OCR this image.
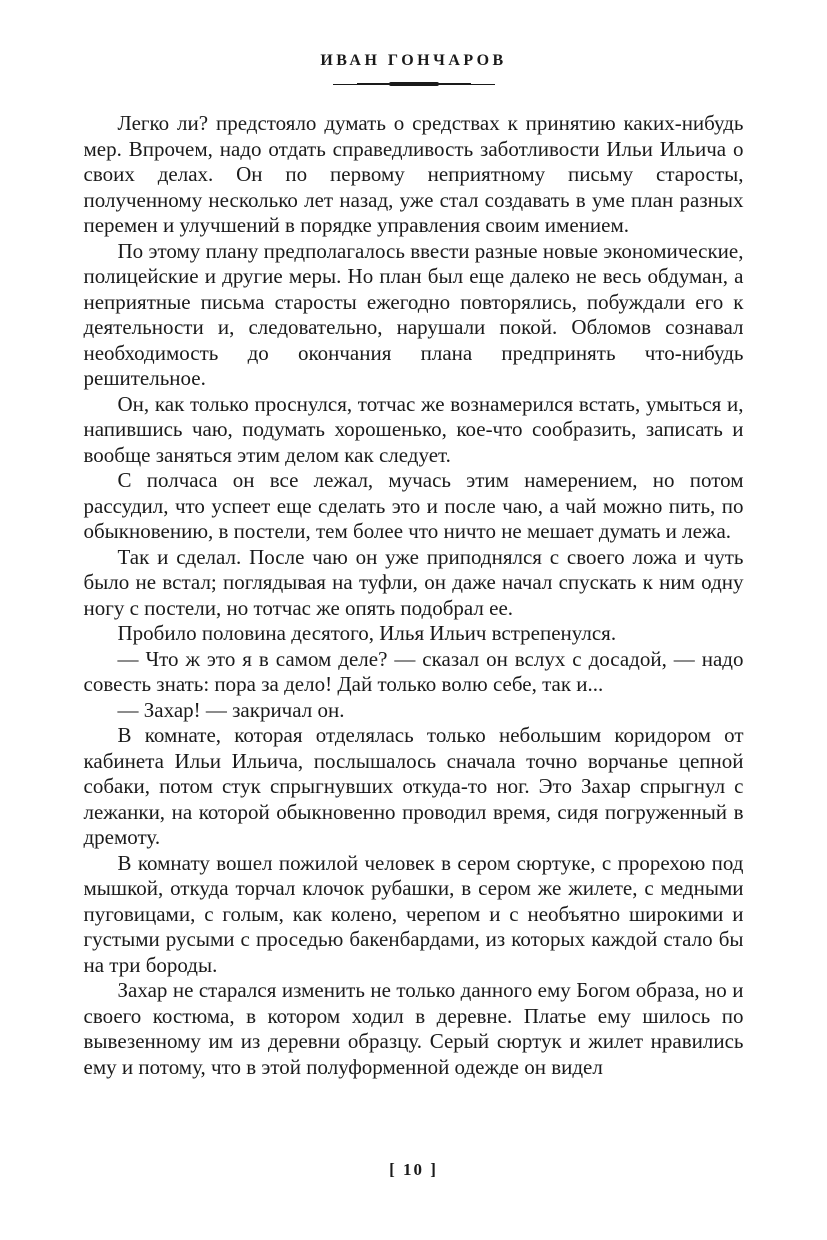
ИВАН ГОНЧАРОВ

Легко ли? предстояло думать о средствах к принятию каких-нибудь мер. Впрочем, надо отдать справедливость заботливости Ильи Ильича о своих делах. Он по первому неприятному письму старосты, полученному несколько лет назад, уже стал создавать в уме план разных перемен и улучшений в порядке управления своим имением.

По этому плану предполагалось ввести разные новые экономические, полицейские и другие меры. Но план был еще далеко не весь обдуман, а неприятные письма старосты ежегодно повторялись, побуждали его к деятельности и, следовательно, нарушали покой. Обломов сознавал необходимость до окончания плана предпринять что-нибудь решительное.

Он, как только проснулся, тотчас же вознамерился встать, умыться и, напившись чаю, подумать хорошенько, кое-что сообразить, записать и вообще заняться этим делом как следует.

С полчаса он все лежал, мучась этим намерением, но потом рассудил, что успеет еще сделать это и после чаю, а чай можно пить, по обыкновению, в постели, тем более что ничто не мешает думать и лежа.

Так и сделал. После чаю он уже приподнялся с своего ложа и чуть было не встал; поглядывая на туфли, он даже начал спускать к ним одну ногу с постели, но тотчас же опять подобрал ее.

Пробило половина десятого, Илья Ильич встрепенулся.

— Что ж это я в самом деле? — сказал он вслух с досадой, — надо совесть знать: пора за дело! Дай только волю себе, так и...

— Захар! — закричал он.

В комнате, которая отделялась только небольшим коридором от кабинета Ильи Ильича, послышалось сначала точно ворчанье цепной собаки, потом стук спрыгнувших откуда-то ног. Это Захар спрыгнул с лежанки, на которой обыкновенно проводил время, сидя погруженный в дремоту.

В комнату вошел пожилой человек в сером сюртуке, с прорехою под мышкой, откуда торчал клочок рубашки, в сером же жилете, с медными пуговицами, с голым, как колено, черепом и с необъятно широкими и густыми русыми с проседью бакенбардами, из которых каждой стало бы на три бороды.

Захар не старался изменить не только данного ему Богом образа, но и своего костюма, в котором ходил в деревне. Платье ему шилось по вывезенному им из деревни образцу. Серый сюртук и жилет нравились ему и потому, что в этой полуформенной одежде он видел

[ 10 ]
